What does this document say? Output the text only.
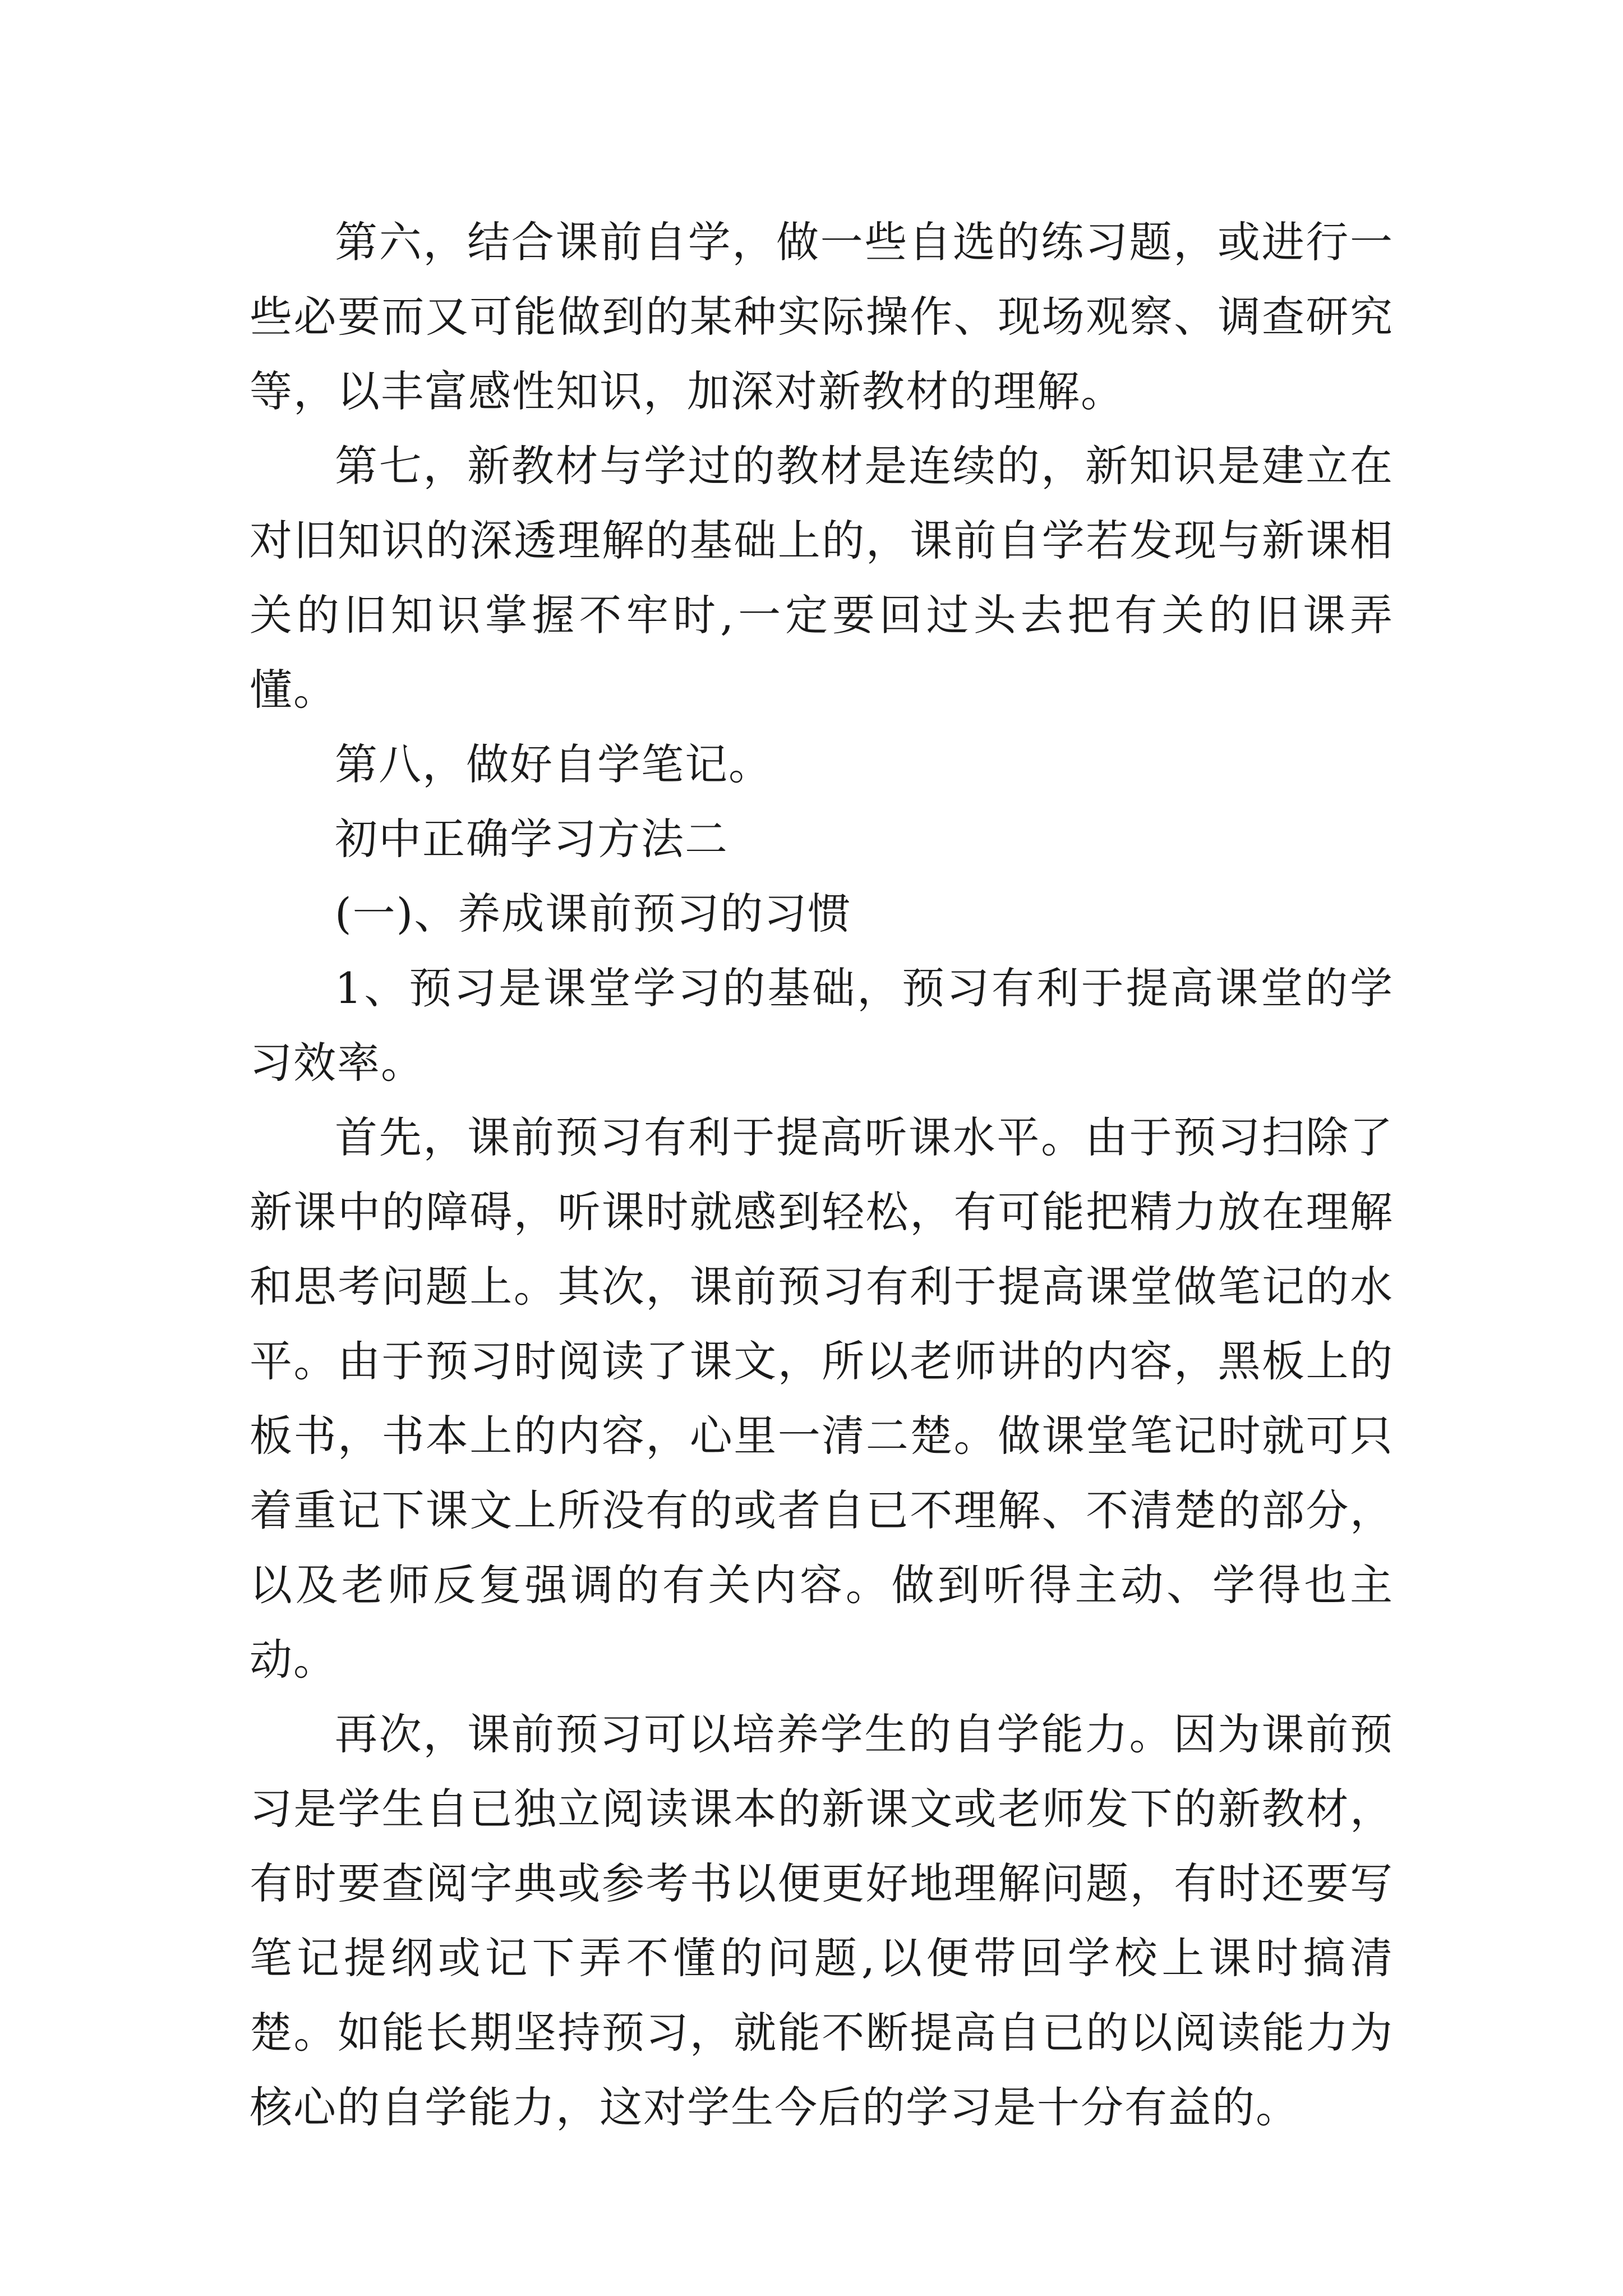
第六，结合课前自学，做一些自选的练习题，或进行一些必要而又可能做到的某种实际操作、现场观察、调查研究等，以丰富感性知识，加深对新教材的理解。

第七，新教材与学过的教材是连续的，新知识是建立在对旧知识的深透理解的基础上的，课前自学若发现与新课相关的旧知识掌握不牢时,一定要回过头去把有关的旧课弄懂。

第八，做好自学笔记。

初中正确学习方法二

(一)、养成课前预习的习惯

1、预习是课堂学习的基础，预习有利于提高课堂的学习效率。

首先，课前预习有利于提高听课水平。由于预习扫除了新课中的障碍，听课时就感到轻松，有可能把精力放在理解和思考问题上。其次，课前预习有利于提高课堂做笔记的水平。由于预习时阅读了课文，所以老师讲的内容，黑板上的板书，书本上的内容，心里一清二楚。做课堂笔记时就可只着重记下课文上所没有的或者自已不理解、不清楚的部分，以及老师反复强调的有关内容。做到听得主动、学得也主动。

再次，课前预习可以培养学生的自学能力。因为课前预习是学生自已独立阅读课本的新课文或老师发下的新教材，有时要查阅字典或参考书以便更好地理解问题，有时还要写笔记提纲或记下弄不懂的问题,以便带回学校上课时搞清楚。如能长期坚持预习，就能不断提高自已的以阅读能力为核心的自学能力，这对学生今后的学习是十分有益的。
